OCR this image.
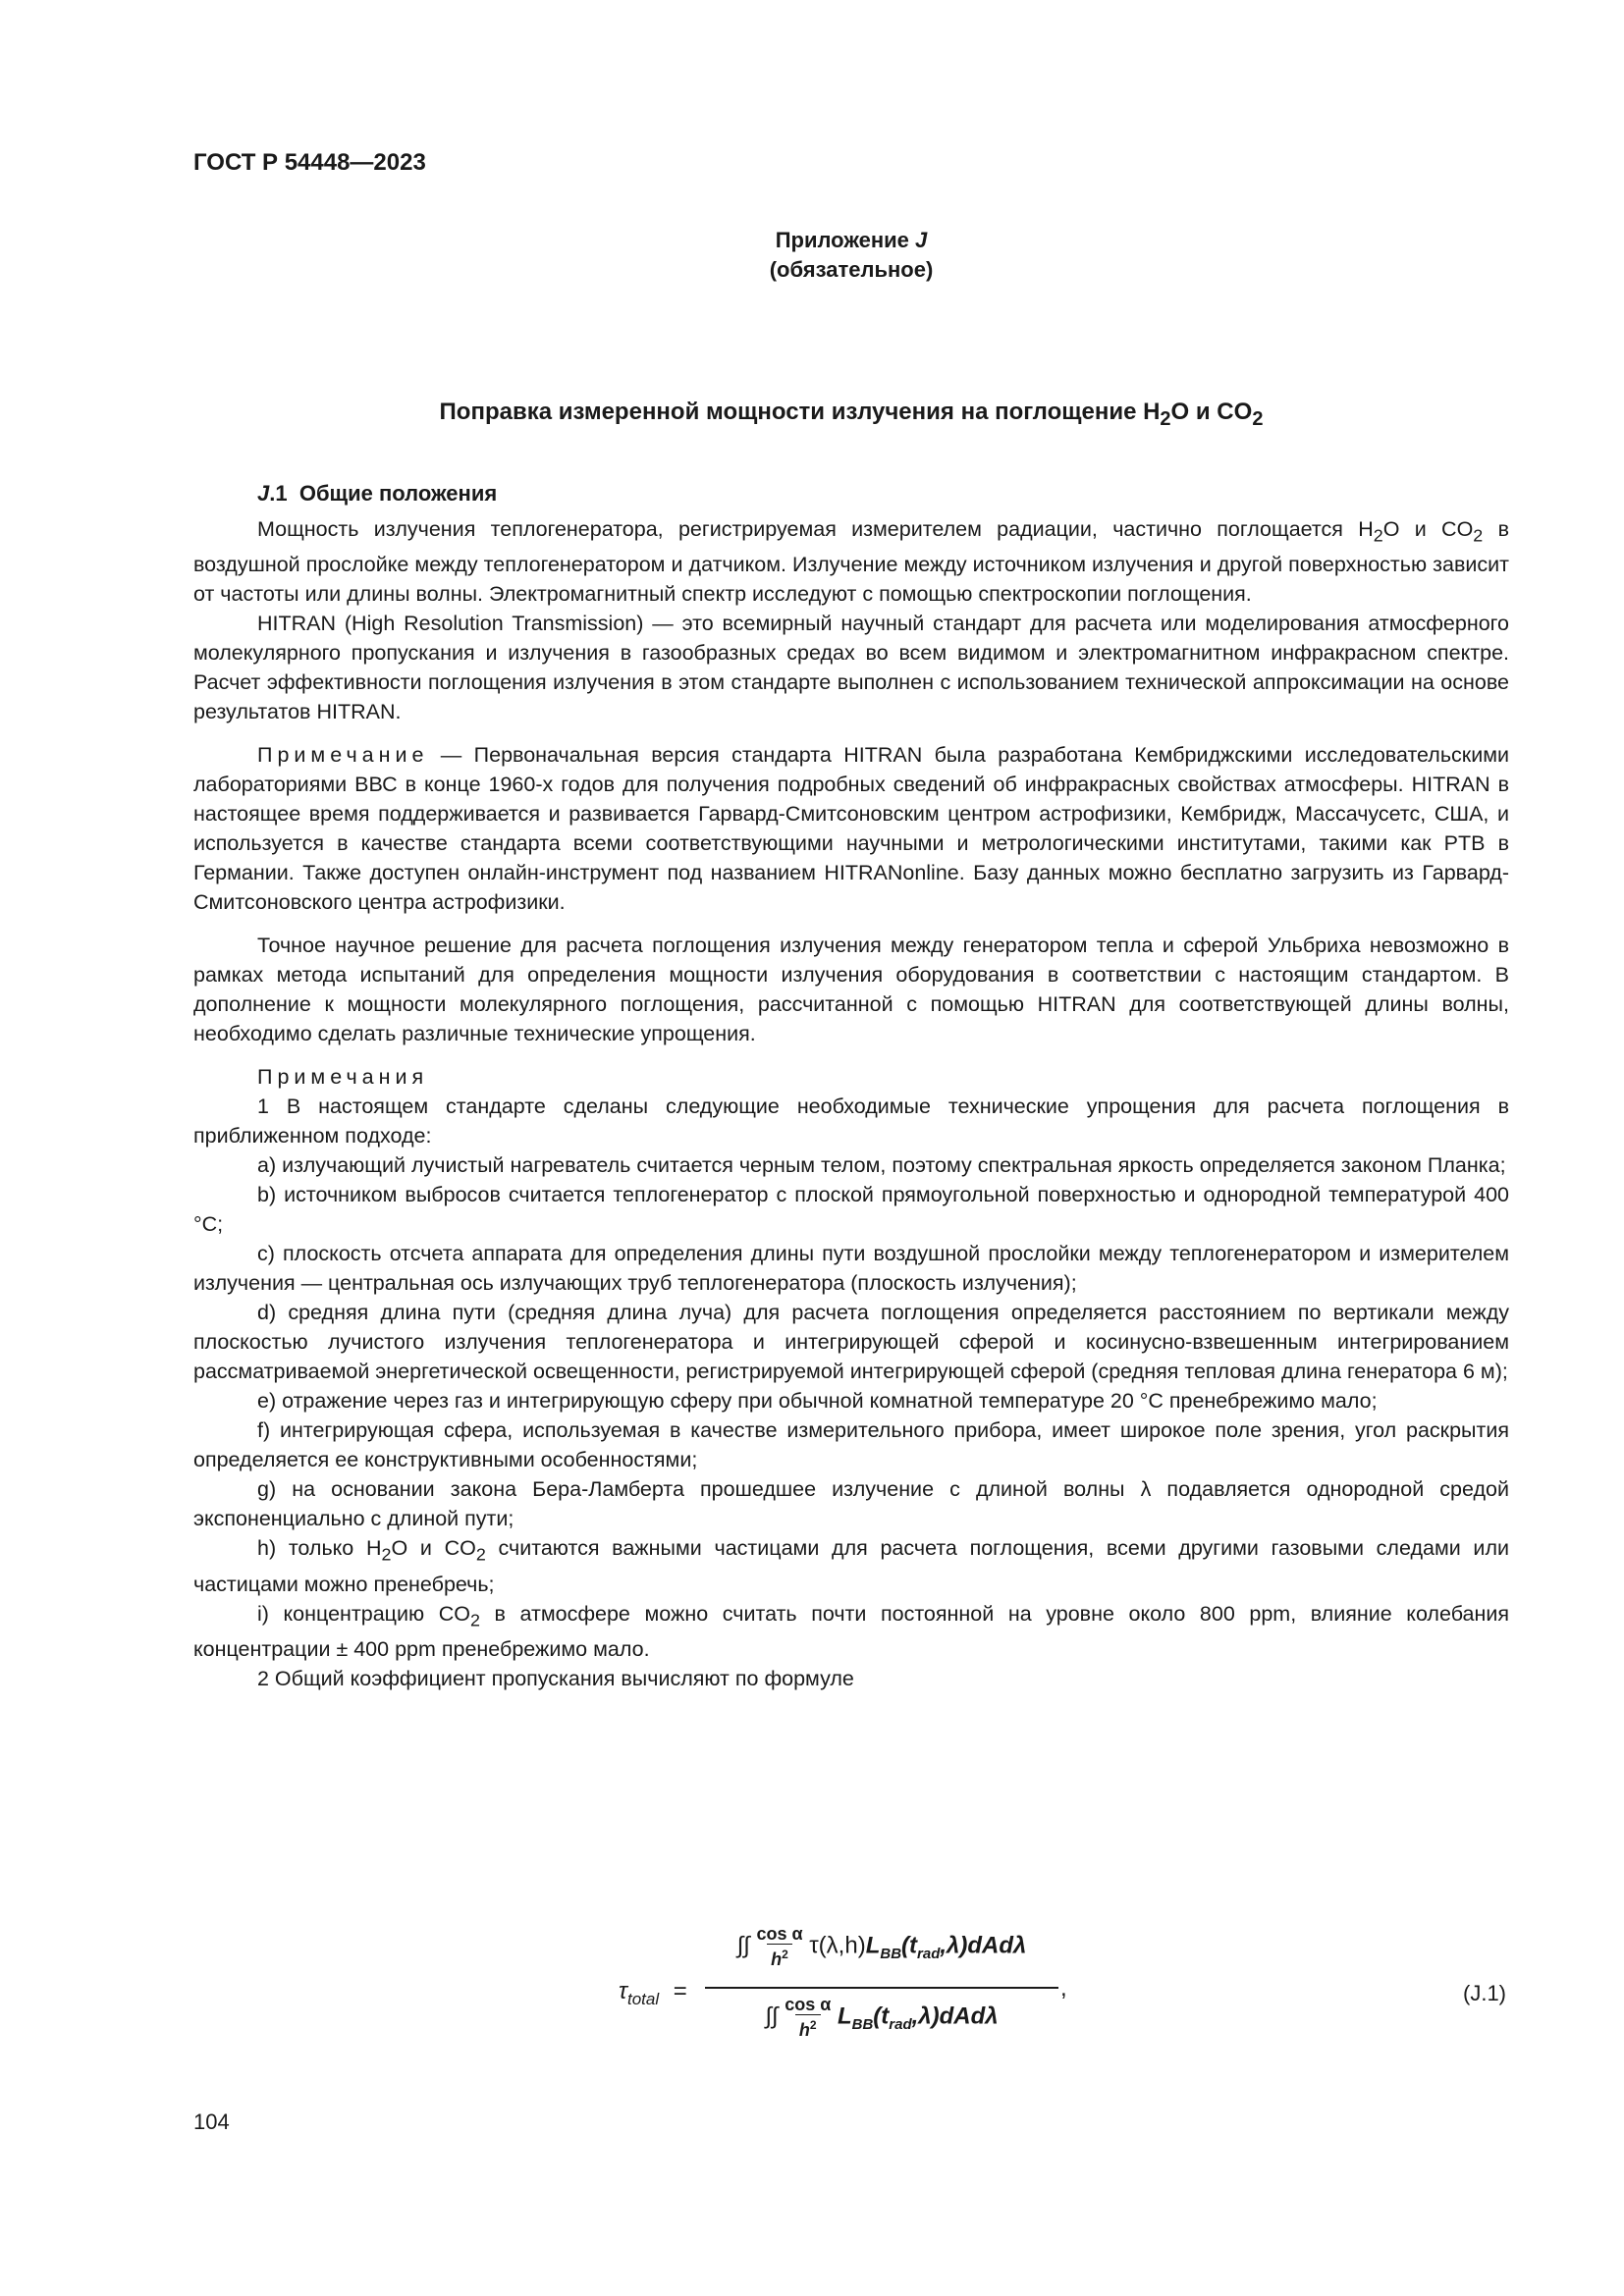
ГОСТ Р 54448—2023
Приложение J
(обязательное)
Поправка измеренной мощности излучения на поглощение $H_2O$ и $CO_2$
J.1 Общие положения

Мощность излучения теплогенератора, регистрируемая измерителем радиации, частично поглощается $H_2O$ и $CO_2$ в воздушной прослойке между теплогенератором и датчиком. Излучение между источником излучения и другой поверхностью зависит от частоты или длины волны. Электромагнитный спектр исследуют с помощью спектроскопии поглощения.

HITRAN (High Resolution Transmission) — это всемирный научный стандарт для расчета или моделирования атмосферного молекулярного пропускания и излучения в газообразных средах во всем видимом и электромагнитном инфракрасном спектре. Расчет эффективности поглощения излучения в этом стандарте выполнен с использованием технической аппроксимации на основе результатов HITRAN.

Примечание — Первоначальная версия стандарта HITRAN была разработана Кембриджскими исследовательскими лабораториями ВВС в конце 1960-х годов для получения подробных сведений об инфракрасных свойствах атмосферы. HITRAN в настоящее время поддерживается и развивается Гарвард-Смитсоновским центром астрофизики, Кембридж, Массачусетс, США, и используется в качестве стандарта всеми соответствующими научными и метрологическими институтами, такими как PTB в Германии. Также доступен онлайн-инструмент под названием HITRANonline. Базу данных можно бесплатно загрузить из Гарвард-Смитсоновского центра астрофизики.

Точное научное решение для расчета поглощения излучения между генератором тепла и сферой Ульбриха невозможно в рамках метода испытаний для определения мощности излучения оборудования в соответствии с настоящим стандартом. В дополнение к мощности молекулярного поглощения, рассчитанной с помощью HITRAN для соответствующей длины волны, необходимо сделать различные технические упрощения.

Примечания

1 В настоящем стандарте сделаны следующие необходимые технические упрощения для расчета поглощения в приближенном подходе:

a) излучающий лучистый нагреватель считается черным телом, поэтому спектральная яркость определяется законом Планка;

b) источником выбросов считается теплогенератор с плоской прямоугольной поверхностью и однородной температурой 400 °C;

c) плоскость отсчета аппарата для определения длины пути воздушной прослойки между теплогенератором и измерителем излучения — центральная ось излучающих труб теплогенератора (плоскость излучения);

d) средняя длина пути (средняя длина луча) для расчета поглощения определяется расстоянием по вертикали между плоскостью лучистого излучения теплогенератора и интегрирующей сферой и косинусно-взвешенным интегрированием рассматриваемой энергетической освещенности, регистрируемой интегрирующей сферой (средняя тепловая длина генератора 6 м);

e) отражение через газ и интегрирующую сферу при обычной комнатной температуре 20 °C пренебрежимо мало;

f) интегрирующая сфера, используемая в качестве измерительного прибора, имеет широкое поле зрения, угол раскрытия определяется ее конструктивными особенностями;

g) на основании закона Бера-Ламберта прошедшее излучение с длиной волны λ подавляется однородной средой экспоненциально с длиной пути;

h) только $H_2O$ и $CO_2$ считаются важными частицами для расчета поглощения, всеми другими газовыми следами или частицами можно пренебречь;

i) концентрацию $CO_2$ в атмосфере можно считать почти постоянной на уровне около 800 ppm, влияние колебания концентрации ± 400 ppm пренебрежимо мало.

2 Общий коэффициент пропускания вычисляют по формуле

$\tau_{total}$ =
∫∫ $\frac{\text{cos α}}{h^2} \tau(\lambda,h)L_{BB}(t_{rad},\lambda)dAd\lambda$
,
∫∫ $\frac{\text{cos α}}{h^2} L_{BB}(t_{rad},\lambda)dAd\lambda$
(J.1)
104
